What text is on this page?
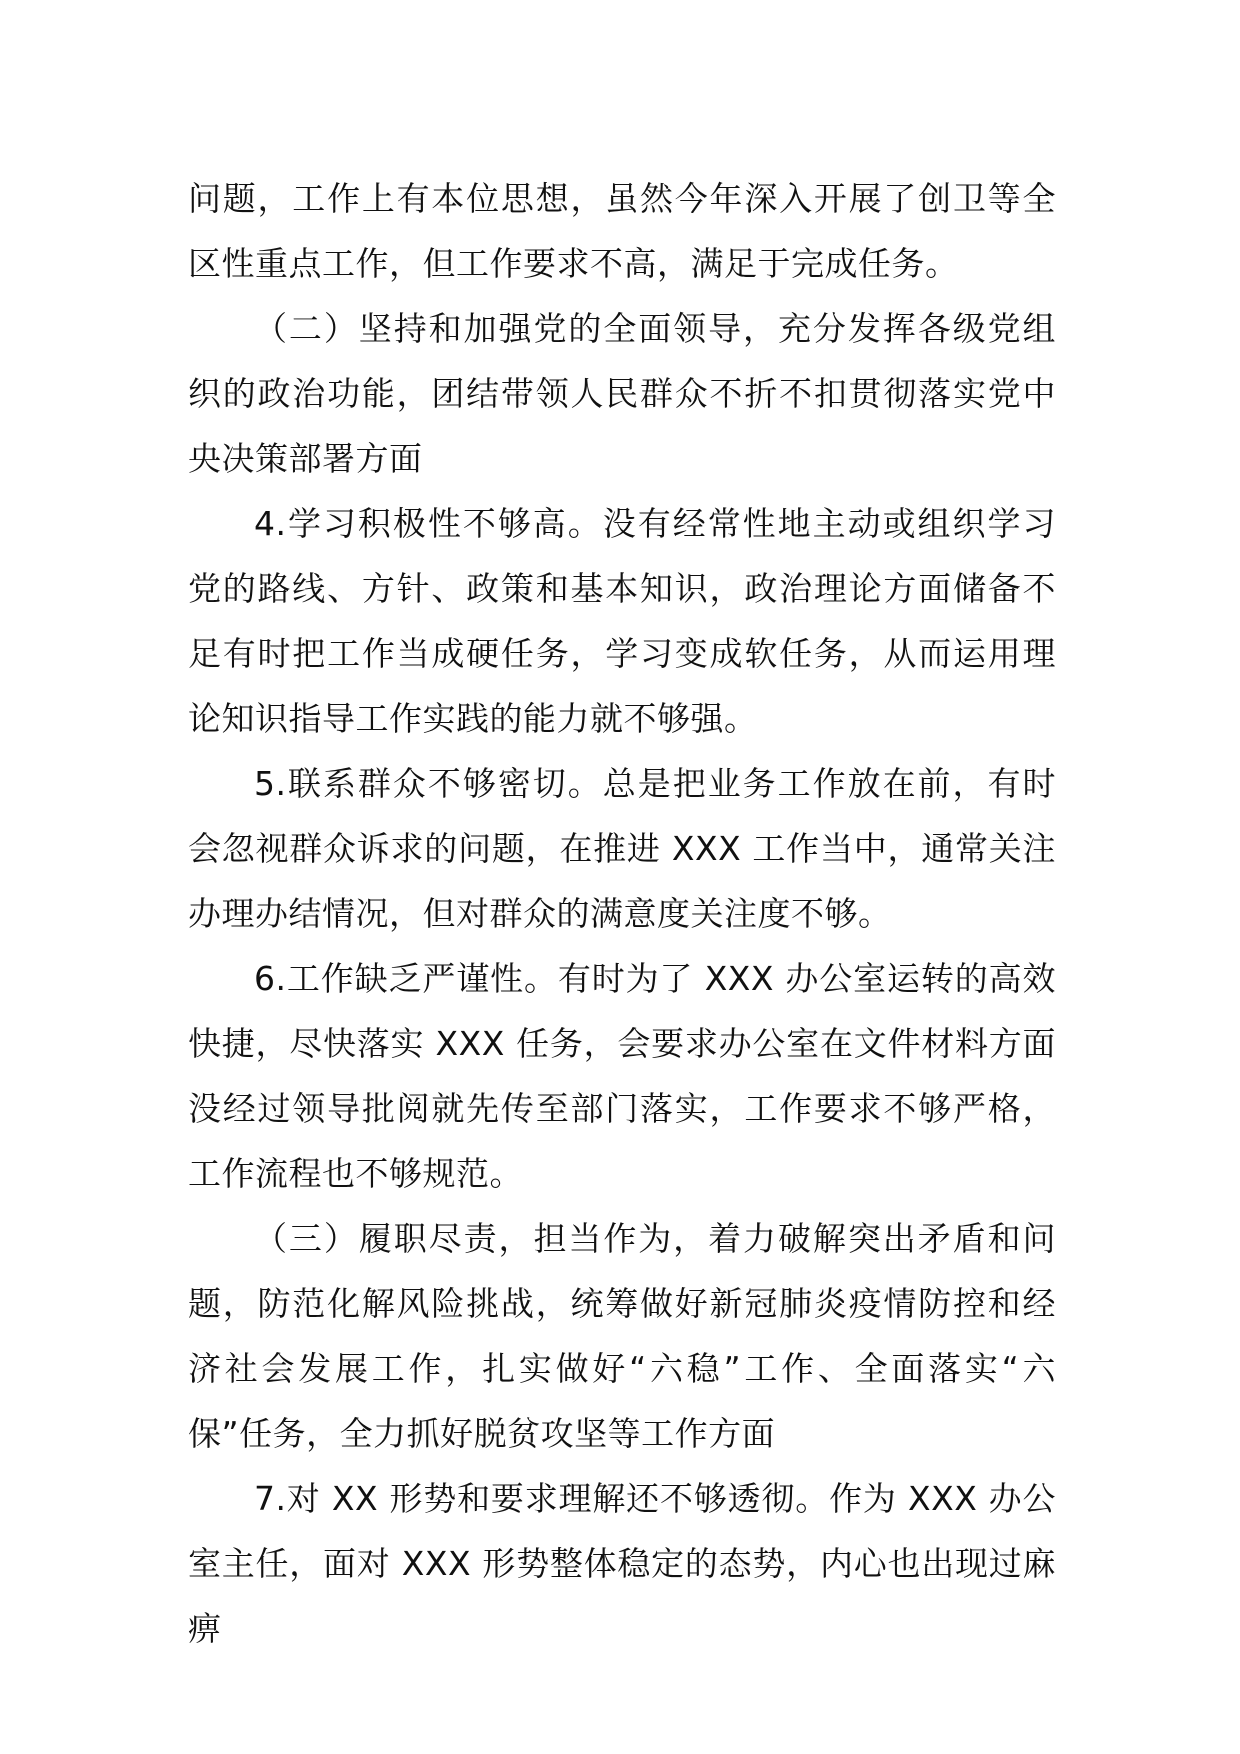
问题，工作上有本位思想，虽然今年深入开展了创卫等全区性重点工作，但工作要求不高，满足于完成任务。

（二）坚持和加强党的全面领导，充分发挥各级党组织的政治功能，团结带领人民群众不折不扣贯彻落实党中央决策部署方面

4.学习积极性不够高。没有经常性地主动或组织学习党的路线、方针、政策和基本知识，政治理论方面储备不足有时把工作当成硬任务，学习变成软任务，从而运用理论知识指导工作实践的能力就不够强。

5.联系群众不够密切。总是把业务工作放在前，有时会忽视群众诉求的问题，在推进 XXX 工作当中，通常关注办理办结情况，但对群众的满意度关注度不够。

6.工作缺乏严谨性。有时为了 XXX 办公室运转的高效快捷，尽快落实 XXX 任务，会要求办公室在文件材料方面没经过领导批阅就先传至部门落实，工作要求不够严格，工作流程也不够规范。

（三）履职尽责，担当作为，着力破解突出矛盾和问题，防范化解风险挑战，统筹做好新冠肺炎疫情防控和经济社会发展工作，扎实做好“六稳”工作、全面落实“六保”任务，全力抓好脱贫攻坚等工作方面

7.对 XX 形势和要求理解还不够透彻。作为 XXX 办公室主任，面对 XXX 形势整体稳定的态势，内心也出现过麻痹
